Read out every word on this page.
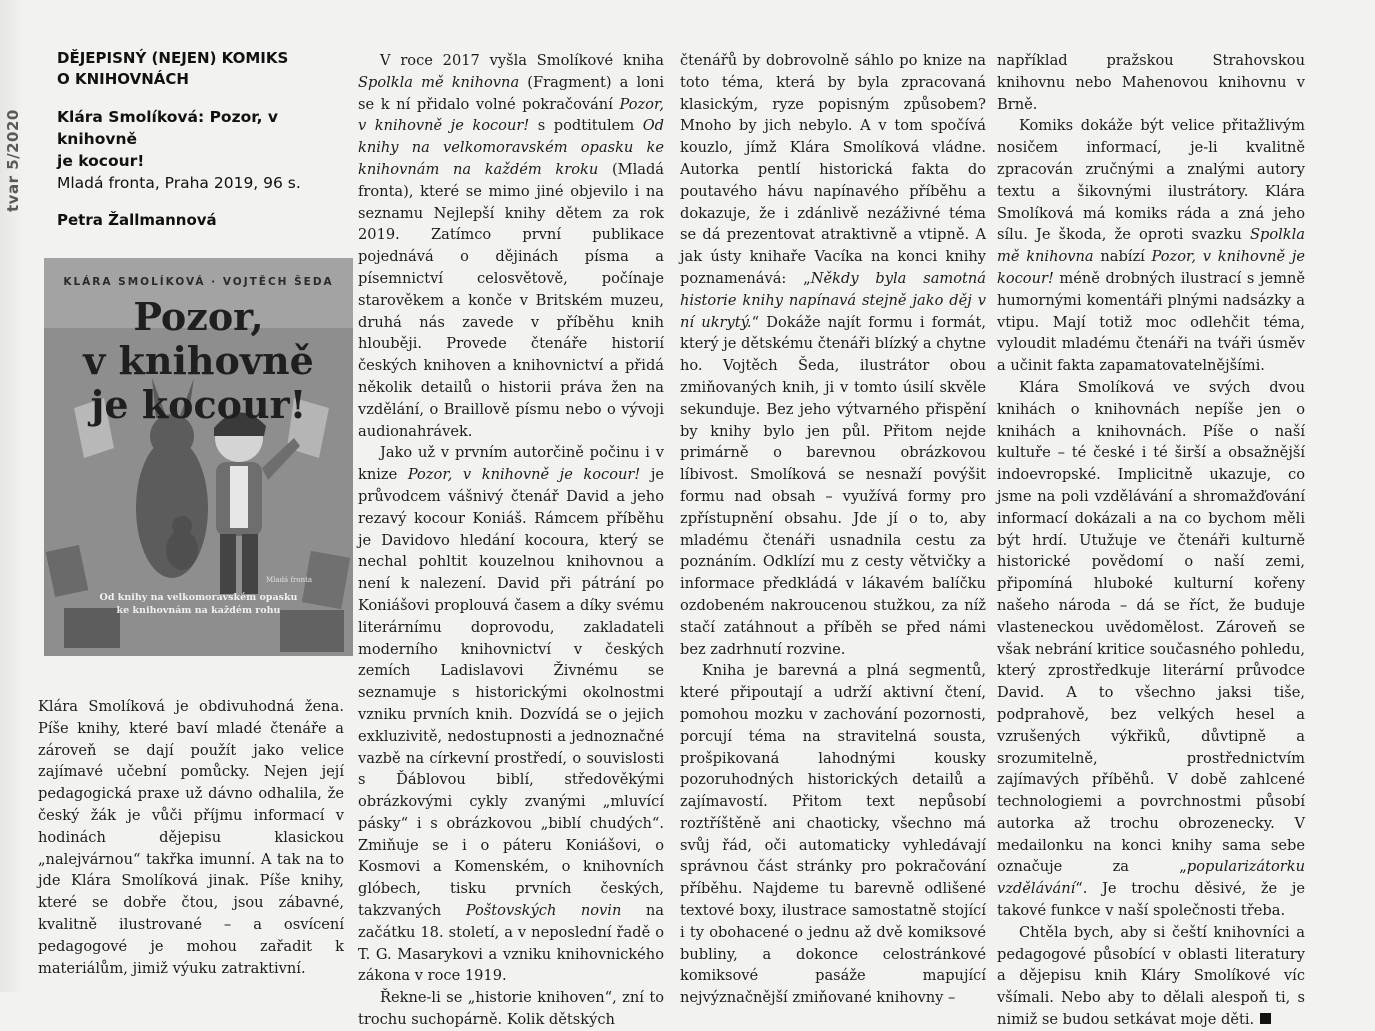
tvar 5/2020
DĚJEPISNÝ (NEJEN) KOMIKS
O KNIHOVNÁCH
Klára Smolíková: Pozor, v knihovně
je kocour!
Mladá fronta, Praha 2019, 96 s.
Petra Žallmannová
KLÁRA SMOLÍKOVÁ · VOJTĚCH ŠEDA
Pozor,
v knihovně
je kocour!
Mladá fronta
Od knihy na velkomoravském opasku
ke knihovnám na každém rohu

Klára Smolíková je obdivuhodná žena. Píše knihy, které baví mladé čtenáře a zároveň se dají použít jako velice zajímavé učební pomůcky. Nejen její pedagogická praxe už dávno odhalila, že český žák je vůči příjmu informací v hodinách dějepisu klasickou „nalejvárnou“ takřka imunní. A tak na to jde Klára Smolíková jinak. Píše knihy, které se dobře čtou, jsou zábavné, kvalitně ilustrované – a osvícení pedagogové je mohou zařadit k materiálům, jimiž výuku zatraktivní.

V roce 2017 vyšla Smolíkové kniha Spolkla mě knihovna (Fragment) a loni se k ní přidalo volné pokračování Pozor, v knihovně je kocour! s podtitulem Od knihy na velkomoravském opasku ke knihovnám na každém kroku (Mladá fronta), které se mimo jiné objevilo i na seznamu Nejlepší knihy dětem za rok 2019. Zatímco první publikace pojednává o dějinách písma a písemnictví celosvětově, počínaje starověkem a konče v Britském muzeu, druhá nás zavede v příběhu knih hlouběji. Provede čtenáře historií českých knihoven a knihovnictví a přidá několik detailů o historii práva žen na vzdělání, o Braillově písmu nebo o vývoji audionahrávek.

Jako už v prvním autorčině počinu i v knize Pozor, v knihovně je kocour! je průvodcem vášnivý čtenář David a jeho rezavý kocour Koniáš. Rámcem příběhu je Davidovo hledání kocoura, který se nechal pohltit kouzelnou knihovnou a není k nalezení. David při pátrání po Koniášovi proplouvá časem a díky svému literárnímu doprovodu, zakladateli moderního knihovnictví v českých zemích Ladislavovi Živnému se seznamuje s historickými okolnostmi vzniku prvních knih. Dozvídá se o jejich exkluzivitě, nedostupnosti a jednoznačné vazbě na církevní prostředí, o souvislosti s Ďáblovou biblí, středověkými obrázkovými cykly zvanými „mluvící pásky“ i s obrázkovou „biblí chudých“. Zmiňuje se i o páteru Koniášovi, o Kosmovi a Komenském, o knihovních glóbech, tisku prvních českých, takzvaných Poštovských novin na začátku 18. století, a v neposlední řadě o T. G. Masarykovi a vzniku knihovnického zákona v roce 1919.

Řekne-li se „historie knihoven“, zní to trochu suchopárně. Kolik dětských

čtenářů by dobrovolně sáhlo po knize na toto téma, která by byla zpracovaná klasickým, ryze popisným způsobem? Mnoho by jich nebylo. A v tom spočívá kouzlo, jímž Klára Smolíková vládne. Autorka pentlí historická fakta do poutavého hávu napínavého příběhu a dokazuje, že i zdánlivě nezáživné téma se dá prezentovat atraktivně a vtipně. A jak ústy knihaře Vacíka na konci knihy poznamenává: „Někdy byla samotná historie knihy napínavá stejně jako děj v ní ukrytý.“ Dokáže najít formu i formát, který je dětskému čtenáři blízký a chytne ho. Vojtěch Šeda, ilustrátor obou zmiňovaných knih, ji v tomto úsilí skvěle sekunduje. Bez jeho výtvarného přispění by knihy bylo jen půl. Přitom nejde primárně o barevnou obrázkovou líbivost. Smolíková se nesnaží povýšit formu nad obsah – využívá formy pro zpřístupnění obsahu. Jde jí o to, aby mladému čtenáři usnadnila cestu za poznáním. Odklízí mu z cesty větvičky a informace předkládá v lákavém balíčku ozdobeném nakroucenou stužkou, za níž stačí zatáhnout a příběh se před námi bez zadrhnutí rozvine.

Kniha je barevná a plná segmentů, které připoutají a udrží aktivní čtení, pomohou mozku v zachování pozornosti, porcují téma na stravitelná sousta, prošpikovaná lahodnými kousky pozoruhodných historických detailů a zajímavostí. Přitom text nepůsobí roztříštěně ani chaoticky, všechno má svůj řád, oči automaticky vyhledávají správnou část stránky pro pokračování příběhu. Najdeme tu barevně odlišené textové boxy, ilustrace samostatně stojící i ty obohacené o jednu až dvě komiksové bubliny, a dokonce celostránkové komiksové pasáže mapující nejvýznačnější zmiňované knihovny –

například pražskou Strahovskou knihovnu nebo Mahenovou knihovnu v Brně.

Komiks dokáže být velice přitažlivým nosičem informací, je-li kvalitně zpracován zručnými a znalými autory textu a šikovnými ilustrátory. Klára Smolíková má komiks ráda a zná jeho sílu. Je škoda, že oproti svazku Spolkla mě knihovna nabízí Pozor, v knihovně je kocour! méně drobných ilustrací s jemně humornými komentáři plnými nadsázky a vtipu. Mají totiž moc odlehčit téma, vyloudit mladému čtenáři na tváři úsměv a učinit fakta zapamatovatelnějšími.

Klára Smolíková ve svých dvou knihách o knihovnách nepíše jen o knihách a knihovnách. Píše o naší kultuře – té české i té širší a obsažnější indoevropské. Implicitně ukazuje, co jsme na poli vzdělávání a shromažďování informací dokázali a na co bychom měli být hrdí. Utužuje ve čtenáři kulturně historické povědomí o naší zemi, připomíná hluboké kulturní kořeny našeho národa – dá se říct, že buduje vlasteneckou uvědomělost. Zároveň se však nebrání kritice současného pohledu, který zprostředkuje literární průvodce David. A to všechno jaksi tiše, podprahově, bez velkých hesel a vzrušených výkřiků, důvtipně a srozumitelně, prostřednictvím zajímavých příběhů. V době zahlcené technologiemi a povrchnostmi působí autorka až trochu obrozenecky. V medailonku na konci knihy sama sebe označuje za „popularizátorku vzdělávání“. Je trochu děsivé, že je takové funkce v naší společnosti třeba.

Chtěla bych, aby si čeští knihovníci a pedagogové působící v oblasti literatury a dějepisu knih Kláry Smolíkové víc všímali. Nebo aby to dělali alespoň ti, s nimiž se budou setkávat moje děti.
